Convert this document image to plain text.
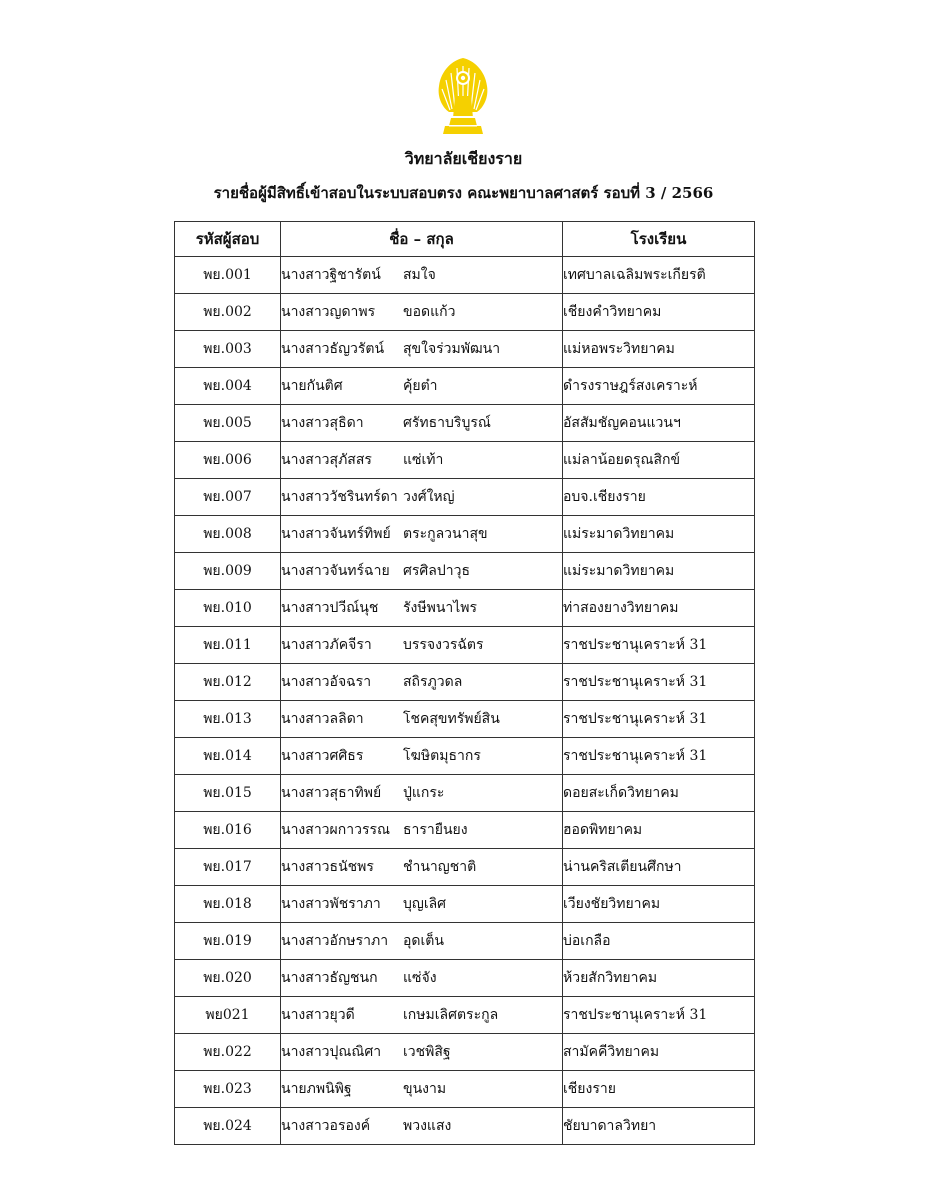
วิทยาลัยเชียงราย
รายชื่อผู้มีสิทธิ์เข้าสอบในระบบสอบตรง คณะพยาบาลศาสตร์ รอบที่ 3 / 2566
รหัสผู้สอบ	ชื่อ – สกุล	โรงเรียน
พย.001	นางสาวฐิชารัตน์ สมใจ	เทศบาลเฉลิมพระเกียรติ
พย.002	นางสาวญดาพร ขอดแก้ว	เชียงคำวิทยาคม
พย.003	นางสาวธัญวรัตน์ สุขใจร่วมพัฒนา	แม่หอพระวิทยาคม
พย.004	นายกันติศ คุ้ยต๋า	ดำรงราษฎร์สงเคราะห์
พย.005	นางสาวสุธิดา ศรัทธาบริบูรณ์	อัสสัมชัญคอนแวนฯ
พย.006	นางสาวสุภัสสร แซ่เท้า	แม่ลาน้อยดรุณสิกข์
พย.007	นางสาววัชรินทร์ดา วงศ์ใหญ่	อบจ.เชียงราย
พย.008	นางสาวจันทร์ทิพย์ ตระกูลวนาสุข	แม่ระมาดวิทยาคม
พย.009	นางสาวจันทร์ฉาย ศรศิลปาวุธ	แม่ระมาดวิทยาคม
พย.010	นางสาวปวีณ์นุช รังษีพนาไพร	ท่าสองยางวิทยาคม
พย.011	นางสาวภัคจีรา บรรจงวรฉัตร	ราชประชานุเคราะห์ 31
พย.012	นางสาวอัจฉรา สถิรภูวดล	ราชประชานุเคราะห์ 31
พย.013	นางสาวลลิดา โชคสุขทรัพย์สิน	ราชประชานุเคราะห์ 31
พย.014	นางสาวศศิธร โฆษิตมุธากร	ราชประชานุเคราะห์ 31
พย.015	นางสาวสุธาทิพย์ ปู่แกระ	ดอยสะเก็ดวิทยาคม
พย.016	นางสาวผกาวรรณ ธารายืนยง	ฮอดพิทยาคม
พย.017	นางสาวธนัชพร ชำนาญชาติ	น่านคริสเตียนศึกษา
พย.018	นางสาวพัชราภา บุญเลิศ	เวียงชัยวิทยาคม
พย.019	นางสาวอักษราภา อุดเต็น	บ่อเกลือ
พย.020	นางสาวธัญชนก แซ่จัง	ห้วยสักวิทยาคม
พย021	นางสาวยุวดี เกษมเลิศตระกูล	ราชประชานุเคราะห์ 31
พย.022	นางสาวปุณณิศา เวชพิสิฐ	สามัคคีวิทยาคม
พย.023	นายภพนิพิฐ ขุนงาม	เชียงราย
พย.024	นางสาวอรองค์ พวงแสง	ชัยบาดาลวิทยา
